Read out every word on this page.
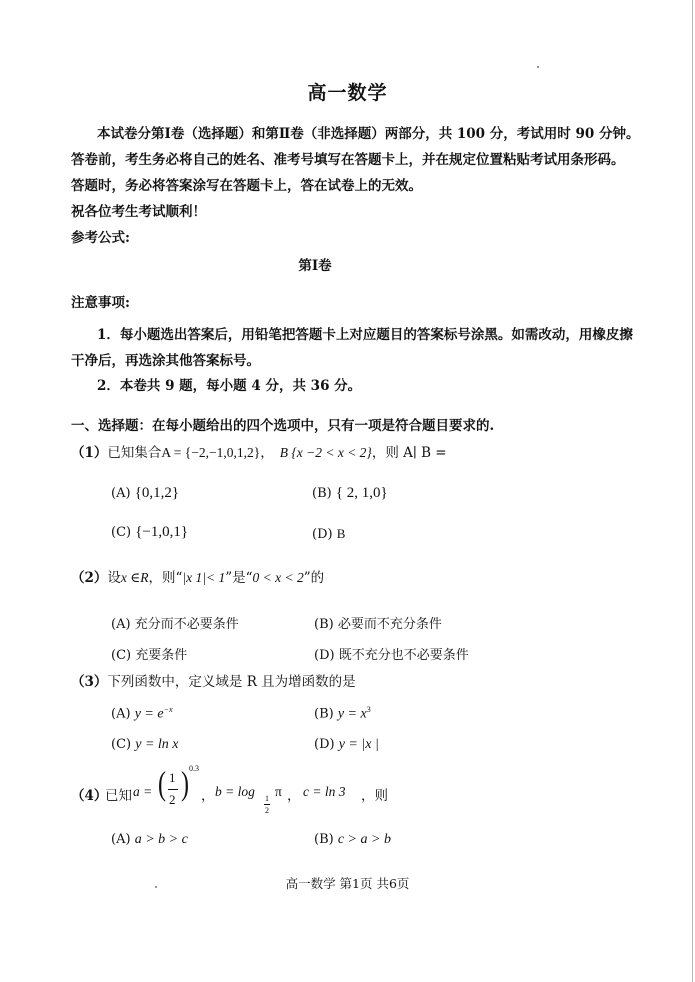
高一数学
本试卷分第Ⅰ卷（选择题）和第Ⅱ卷（非选择题）两部分，共 100 分，考试用时 90 分钟。
答卷前，考生务必将自己的姓名、准考号填写在答题卡上，并在规定位置粘贴考试用条形码。
答题时，务必将答案涂写在答题卡上，答在试卷上的无效。
祝各位考生考试顺利！
参考公式:
第Ⅰ卷
注意事项:
1．每小题选出答案后，用铅笔把答题卡上对应题目的答案标号涂黑。如需改动，用橡皮擦
干净后，再选涂其他答案标号。
2．本卷共 9 题，每小题 4 分，共 36 分。
一、选择题：在每小题给出的四个选项中，只有一项是符合题目要求的.
（1）已知集合A = {−2,−1,0,1,2}， B {x −2 < x < 2}，则 A∣ B =
(A) {0,1,2}	(B) { 2, 1,0}
(C) {−1,0,1}	(D) B
（2）设x ∈R，则“|x 1|< 1”是“0 < x < 2”的
(A) 充分而不必要条件	(B) 必要而不充分条件
(C) 充要条件	(D) 既不充分也不必要条件
（3）下列函数中，定义域是 R 且为增函数的是
(A) $y = e^{-x}$	(B) $y = x^3$
(C) y = ln x	(D) y = |x |
（4）
已知 a = ( 1
2 ) 0.3
， b = log 1
2
π ， c = ln 3 ，则
(A) a > b > c	(B) c > a > b
高一数学 第1页 共6页
